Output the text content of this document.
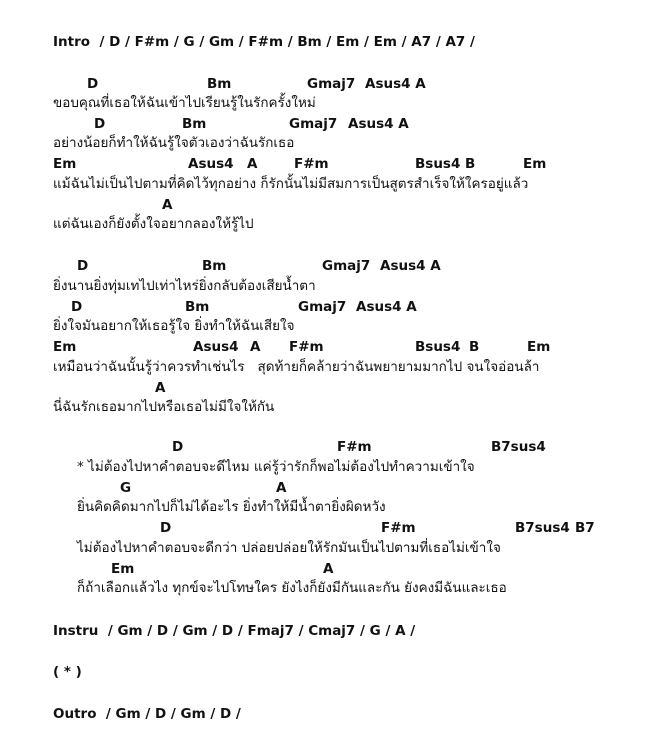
Intro / D / F#m / G / Gm / F#m / Bm / Em / Em / A7 / A7 /
D	Bm	Gmaj7 Asus4 A
ขอบคุณที่เธอให้ฉันเข้าไปเรียนรู้ในรักครั้งใหม่
D	Bm	Gmaj7 Asus4 A
อย่างน้อยก็ทำให้ฉันรู้ใจตัวเองว่าฉันรักเธอ
Em	Asus4 A	F#m	Bsus4 B	Em
แม้ฉันไม่เป็นไปตามที่คิดไว้ทุกอย่าง ก็รักนั้นไม่มีสมการเป็นสูตรสำเร็จให้ใครอยู่แล้ว
A
แต่ฉันเองก็ยังตั้งใจอยากลองให้รู้ไป
D	Bm	Gmaj7 Asus4 A
ยิ่งนานยิ่งทุ่มเทไปเท่าไหร่ยิ่งกลับต้องเสียน้ำตา
D	Bm	Gmaj7 Asus4 A
ยิ่งใจมันอยากให้เธอรู้ใจ ยิ่งทำให้ฉันเสียใจ
Em	Asus4 A F#m	Bsus4 B	Em
เหมือนว่าฉันนั้นรู้ว่าควรทำเช่นไร   สุดท้ายก็คล้ายว่าฉันพยายามมากไป จนใจอ่อนล้า
A
นี่ฉันรักเธอมากไปหรือเธอไม่มีใจให้กัน
D	F#m	B7sus4
* ไม่ต้องไปหาคำตอบจะดีไหม แค่รู้ว่ารักก็พอไม่ต้องไปทำความเข้าใจ
G	A
ยิ่นคิดคิดมากไปก็ไม่ได้อะไร ยิ่งทำให้มีน้ำตายิ่งผิดหวัง
D	F#m	B7sus4 B7
ไม่ต้องไปหาคำตอบจะดีกว่า ปล่อยปล่อยให้รักมันเป็นไปตามที่เธอไม่เข้าใจ
Em	A
ก็ถ้าเลือกแล้วไง ทุกข์จะไปโทษใคร ยังไงก็ยังมีกันและกัน ยังคงมีฉันและเธอ
Instru / Gm / D / Gm / D / Fmaj7 / Cmaj7 / G / A /
( * )
Outro / Gm / D / Gm / D /
